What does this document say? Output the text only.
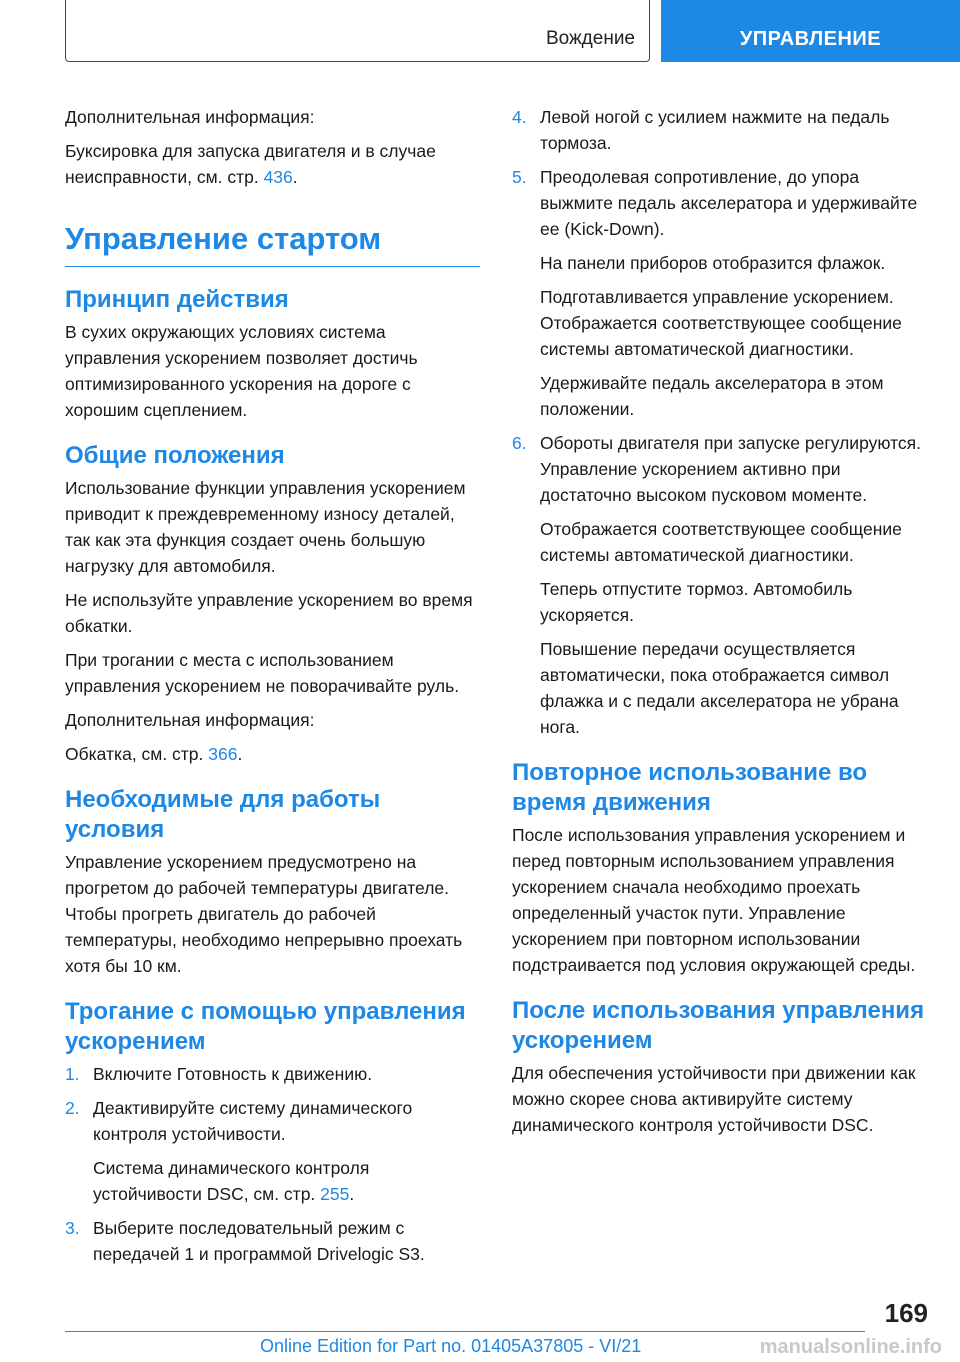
Вождение	УПРАВЛЕНИЕ

Дополнительная информация:

Буксировка для запуска двигателя и в случае неисправности, см. стр. 436.

Управление стартом
Принцип действия

В сухих окружающих условиях система управления ускорением позволяет достичь оптимизированного ускорения на дороге с хорошим сцеплением.

Общие положения

Использование функции управления ускорением приводит к преждевременному износу деталей, так как эта функция создает очень большую нагрузку для автомобиля.

Не используйте управление ускорением во время обкатки.

При трогании с места с использованием управления ускорением не поворачивайте руль.

Дополнительная информация:

Обкатка, см. стр. 366.

Необходимые для работы условия

Управление ускорением предусмотрено на прогретом до рабочей температуры двигателе. Чтобы прогреть двигатель до рабочей температуры, необходимо непрерывно проехать хотя бы 10 км.

Трогание с помощью управления ускорением
1. Включите Готовность к движению.

2. Деактивируйте систему динамического контроля устойчивости.

Система динамического контроля устойчивости DSC, см. стр. 255.

3. Выберите последовательный режим с передачей 1 и программой Drivelogic S3.

4. Левой ногой с усилием нажмите на педаль тормоза.

5. Преодолевая сопротивление, до упора выжмите педаль акселератора и удерживайте ее (Kick-Down).

На панели приборов отобразится флажок.

Подготавливается управление ускорением. Отображается соответствующее сообщение системы автоматической диагностики.

Удерживайте педаль акселератора в этом положении.

6. Обороты двигателя при запуске регулируются. Управление ускорением активно при достаточно высоком пусковом моменте.

Отображается соответствующее сообщение системы автоматической диагностики.

Теперь отпустите тормоз. Автомобиль ускоряется.

Повышение передачи осуществляется автоматически, пока отображается символ флажка и с педали акселератора не убрана нога.

Повторное использование во время движения

После использования управления ускорением и перед повторным использованием управления ускорением сначала необходимо проехать определенный участок пути. Управление ускорением при повторном использовании подстраивается под условия окружающей среды.

После использования управления ускорением

Для обеспечения устойчивости при движении как можно скорее снова активируйте систему динамического контроля устойчивости DSC.

169
Online Edition for Part no. 01405A37805 - VI/21	manualsonline.info
